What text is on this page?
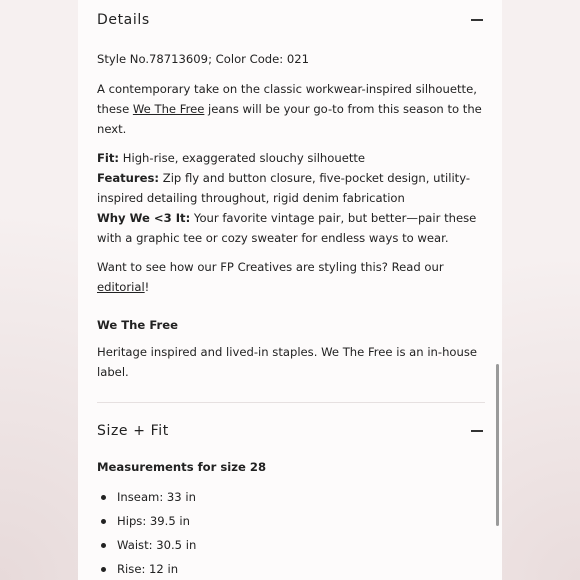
Details

Style No.78713609; Color Code: 021

A contemporary take on the classic workwear-inspired silhouette, these We The Free jeans will be your go-to from this season to the next.

Fit: High-rise, exaggerated slouchy silhouette
Features: Zip fly and button closure, five-pocket design, utility-inspired detailing throughout, rigid denim fabrication
Why We <3 It: Your favorite vintage pair, but better—pair these with a graphic tee or cozy sweater for endless ways to wear.

Want to see how our FP Creatives are styling this? Read our editorial!

We The Free

Heritage inspired and lived-in staples. We The Free is an in-house label.

Size + Fit
Measurements for size 28
Inseam: 33 in
Hips: 39.5 in
Waist: 30.5 in
Rise: 12 in
